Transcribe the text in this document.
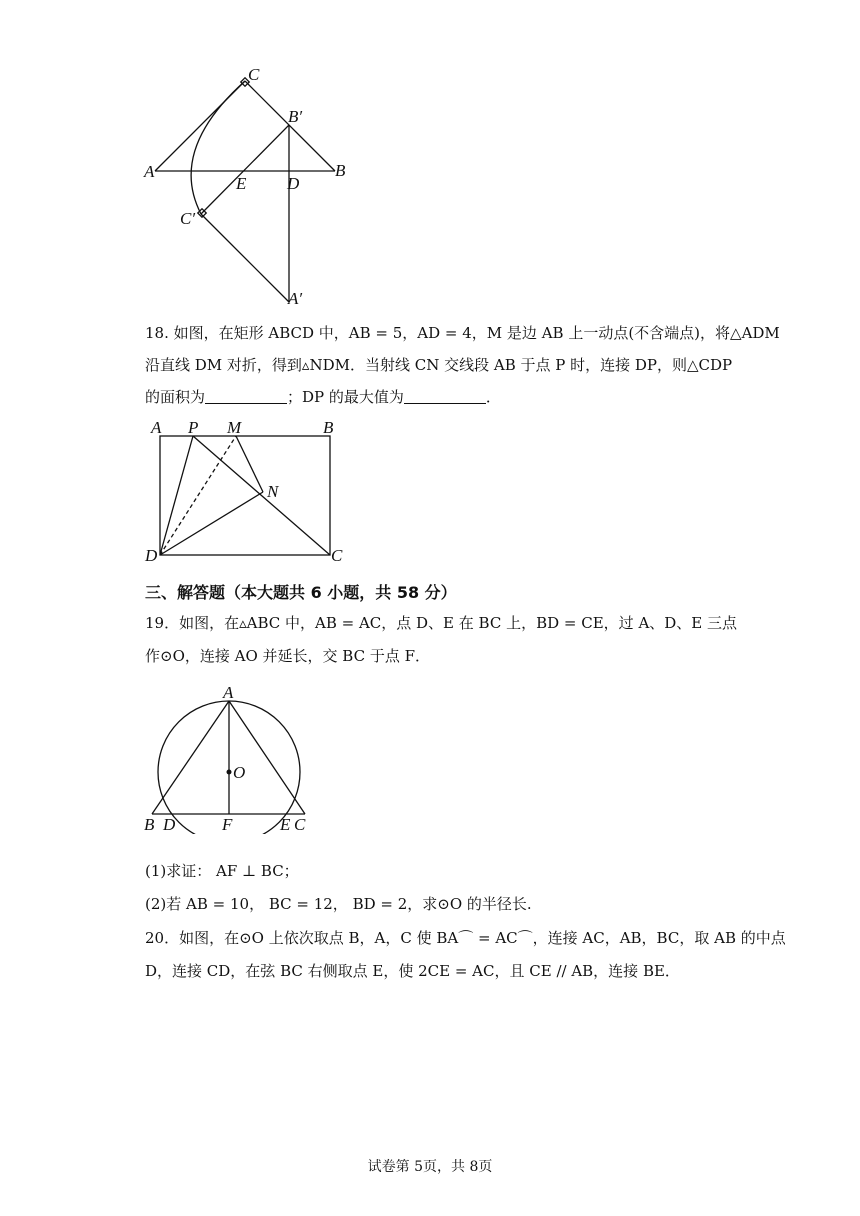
C
B′
A
E D
B
C′
A′
18. 如图，在矩形 ABCD 中，AB = 5，AD = 4，M 是边 AB 上一动点(不含端点)，将△ADM
沿直线 DM 对折，得到▵NDM．当射线 CN 交线段 AB 于点 P 时，连接 DP，则△CDP
的面积为	；DP 的最大值为	．
A P M	B
N
D	C
三、解答题（本大题共 6 小题，共 58 分）
19．如图，在▵ABC 中，AB = AC，点 D、E 在 BC 上，BD = CE，过 A、D、E 三点
作⊙O，连接 AO 并延长，交 BC 于点 F．
A
O
B D	F	E C
(1)求证： AF ⊥ BC；
(2)若 AB = 10， BC = 12， BD = 2，求⊙O 的半径长.
20．如图，在⊙O 上依次取点 B，A，C 使 BA⌒ = AC⌒，连接 AC，AB，BC，取 AB 的中点
D，连接 CD，在弦 BC 右侧取点 E，使 2CE = AC，且 CE // AB，连接 BE．
试卷第 5页，共 8页
